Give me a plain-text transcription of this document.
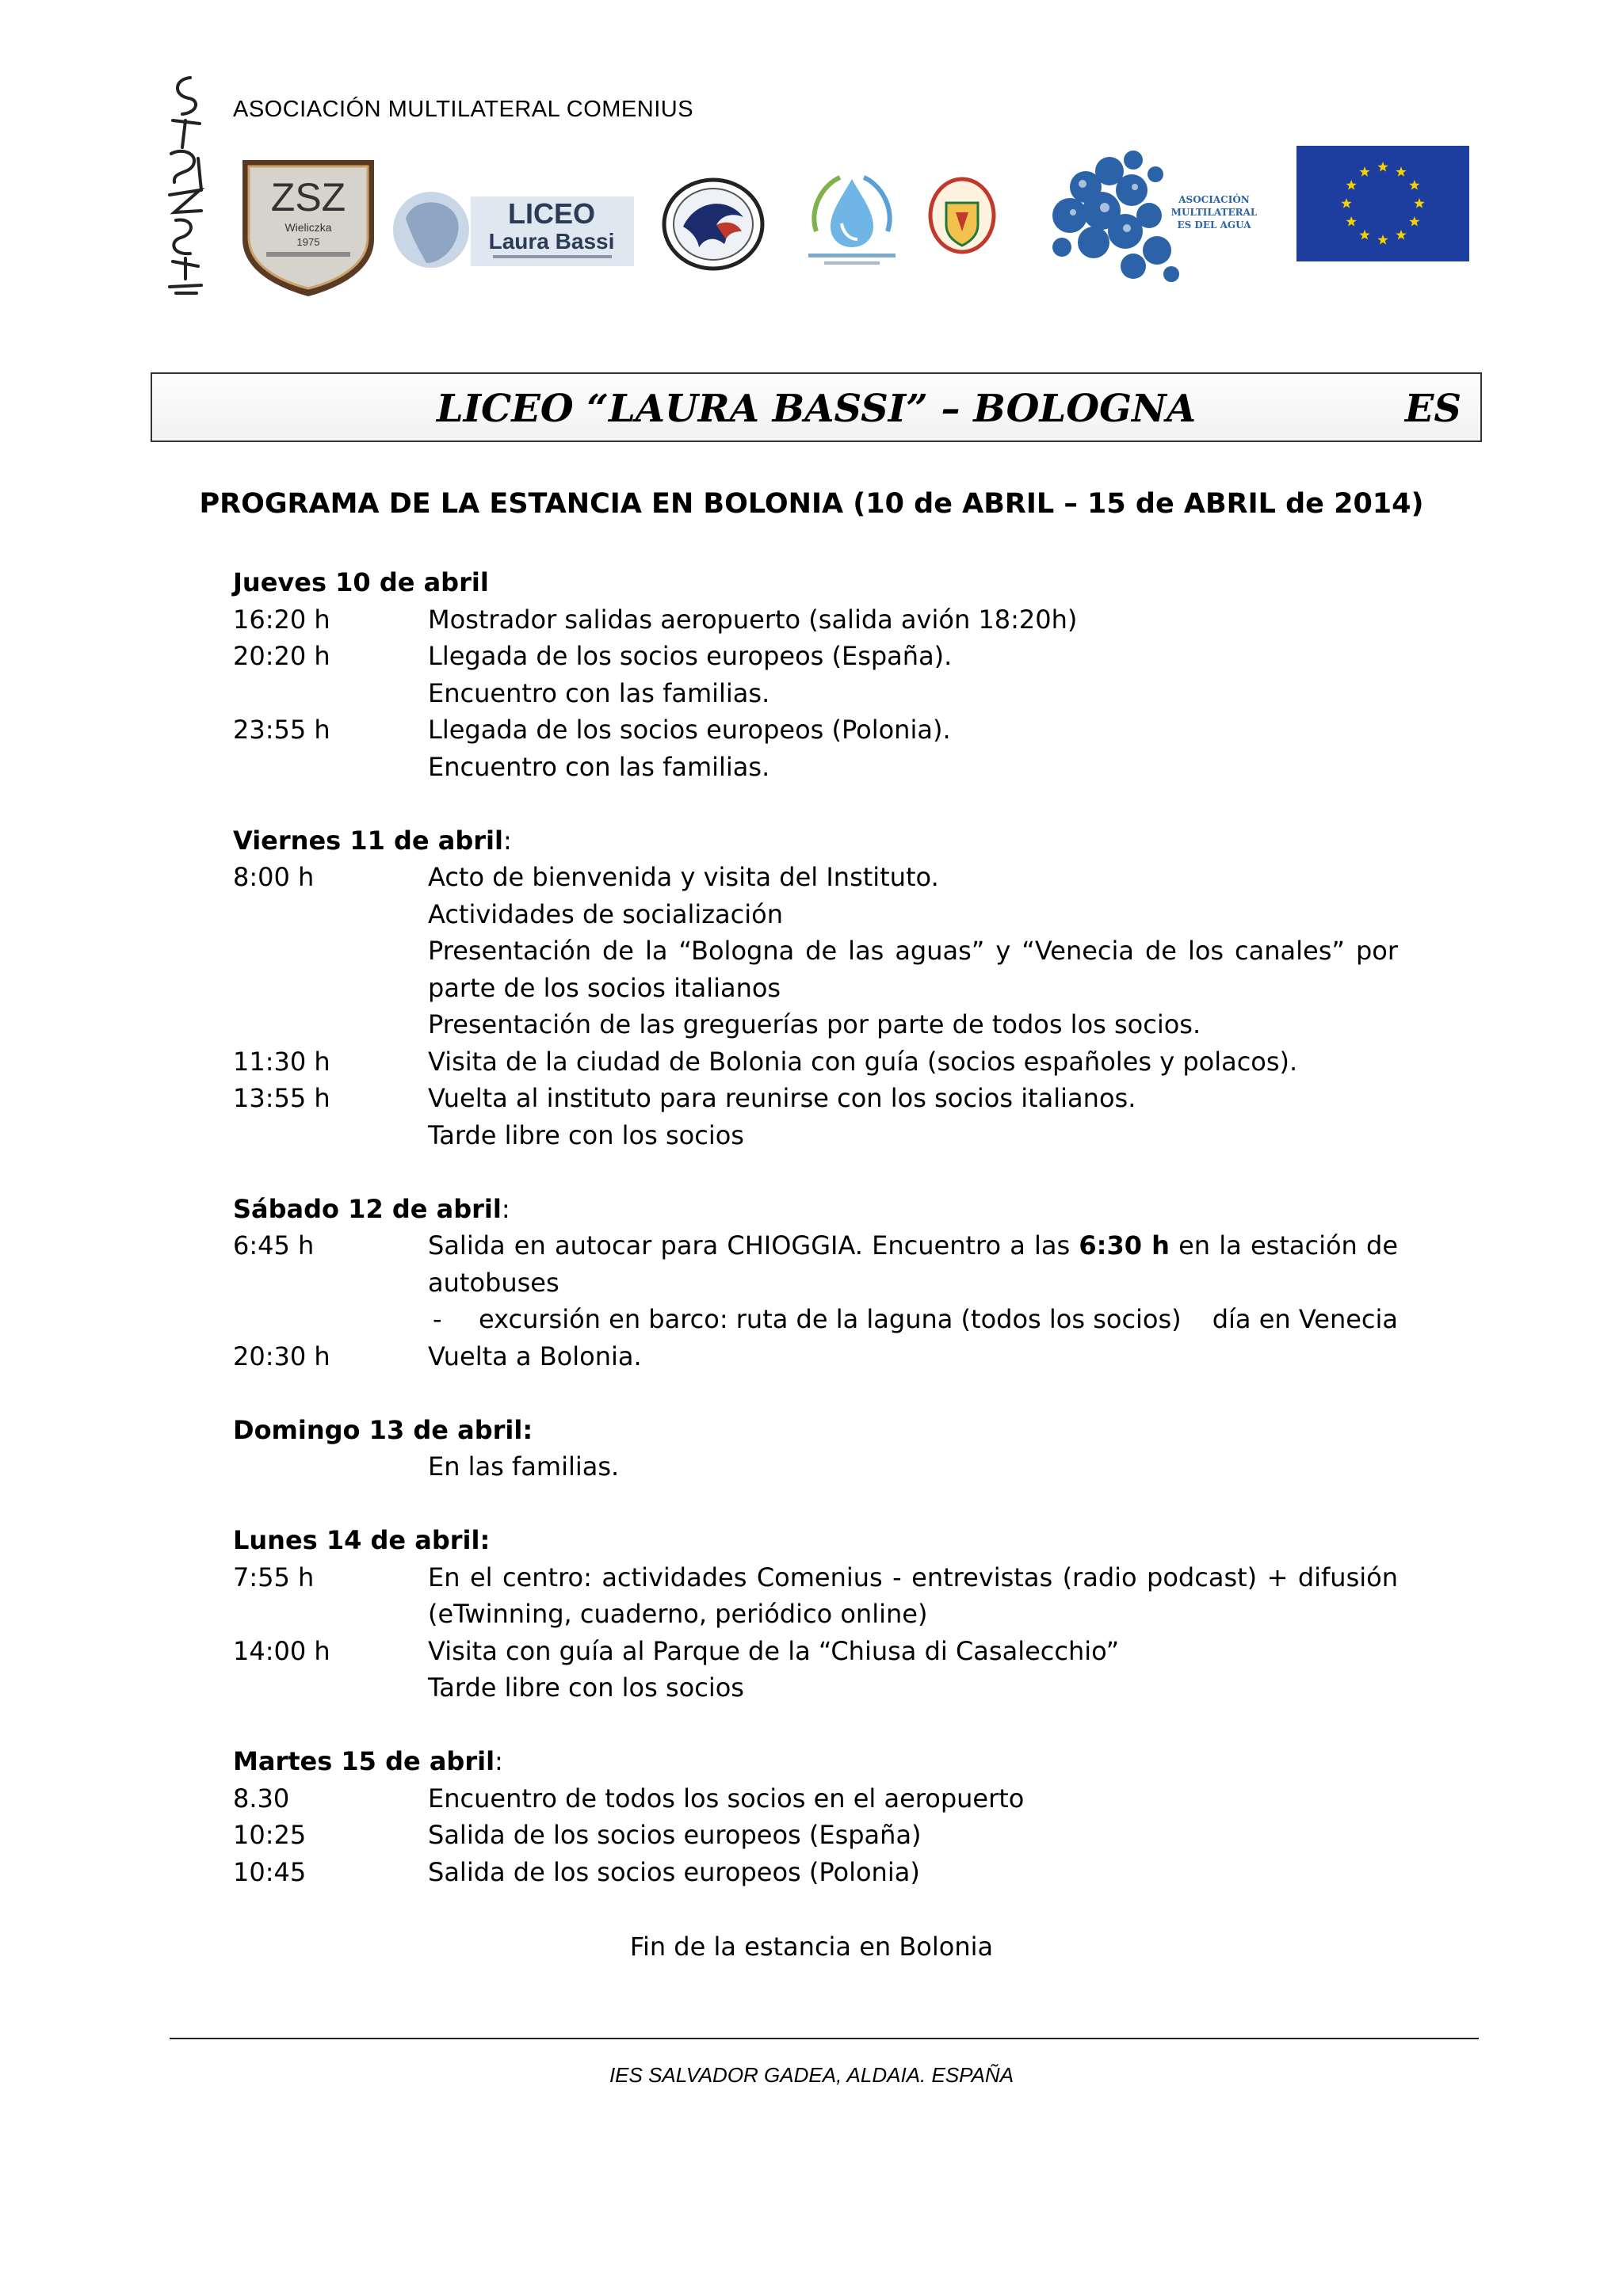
ASOCIACIÓN MULTILATERAL COMENIUS
ZSZ
Wieliczka
1975
LICEO
Laura Bassi
ASOCIACIÓN
MULTILATERAL
ES DEL AGUA
LICEO “LAURA BASSI” – BOLOGNA	ES
PROGRAMA DE LA ESTANCIA EN BOLONIA (10 de ABRIL – 15 de ABRIL de 2014)
Jueves 10 de abril
16:20 h	Mostrador salidas aeropuerto (salida avión 18:20h)
20:20 h	Llegada de los socios europeos (España).
Encuentro con las familias.
23:55 h	Llegada de los socios europeos (Polonia).
Encuentro con las familias.
Viernes 11 de abril:
8:00 h	Acto de bienvenida y visita del Instituto.
Actividades de socialización
Presentación de la “Bologna de las aguas” y “Venecia de los canales” por parte de los socios italianos
Presentación de las greguerías por parte de todos los socios.
11:30 h	Visita de la ciudad de Bolonia con guía (socios españoles y polacos).
13:55 h	Vuelta al instituto para reunirse con los socios italianos.
Tarde libre con los socios
Sábado 12 de abril:
6:45 h	Salida en autocar para CHIOGGIA. Encuentro a las 6:30 h en la estación de autobuses
-	excursión en barco: ruta de la laguna (todos los socios)	día en Venecia
20:30 h	Vuelta a Bolonia.
Domingo 13 de abril:
En las familias.
Lunes 14 de abril:
7:55 h	En el centro: actividades Comenius - entrevistas (radio podcast) + difusión (eTwinning, cuaderno, periódico online)
14:00 h	Visita con guía al Parque de la “Chiusa di Casalecchio”
Tarde libre con los socios
Martes 15 de abril:
8.30	Encuentro de todos los socios en el aeropuerto
10:25	Salida de los socios europeos (España)
10:45	Salida de los socios europeos (Polonia)
Fin de la estancia en Bolonia
IES SALVADOR GADEA, ALDAIA. ESPAÑA
